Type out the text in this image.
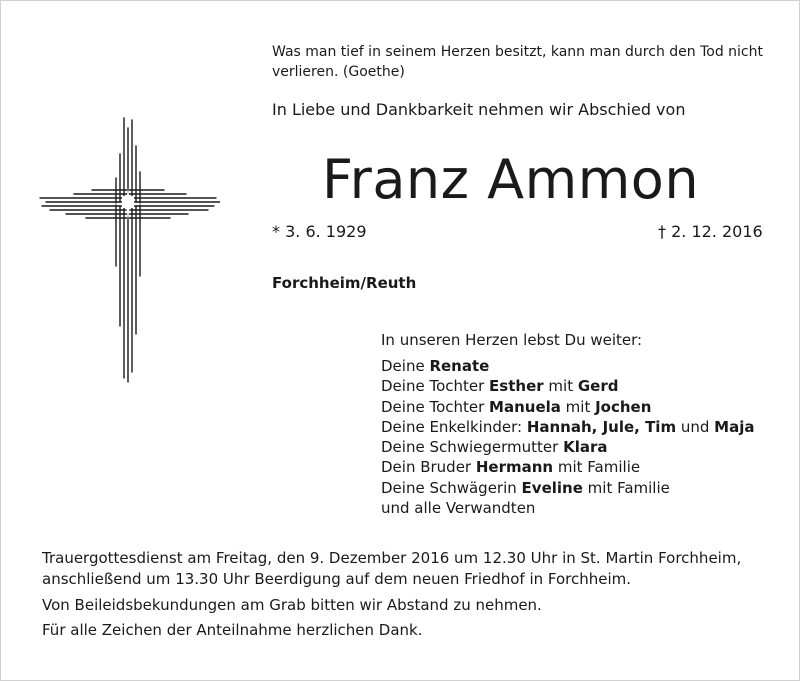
Was man tief in seinem Herzen besitzt, kann man durch den Tod nicht verlieren. (Goethe)
In Liebe und Dankbarkeit nehmen wir Abschied von
Franz Ammon
* 3. 6. 1929	† 2. 12. 2016
Forchheim/Reuth
In unseren Herzen lebst Du weiter:
Deine Renate
Deine Tochter Esther mit Gerd
Deine Tochter Manuela mit Jochen
Deine Enkelkinder: Hannah, Jule, Tim und Maja
Deine Schwiegermutter Klara
Dein Bruder Hermann mit Familie
Deine Schwägerin Eveline mit Familie
und alle Verwandten
Trauergottesdienst am Freitag, den 9. Dezember 2016 um 12.30 Uhr in St. Martin Forchheim,
anschließend um 13.30 Uhr Beerdigung auf dem neuen Friedhof in Forchheim.
Von Beileidsbekundungen am Grab bitten wir Abstand zu nehmen.
Für alle Zeichen der Anteilnahme herzlichen Dank.
